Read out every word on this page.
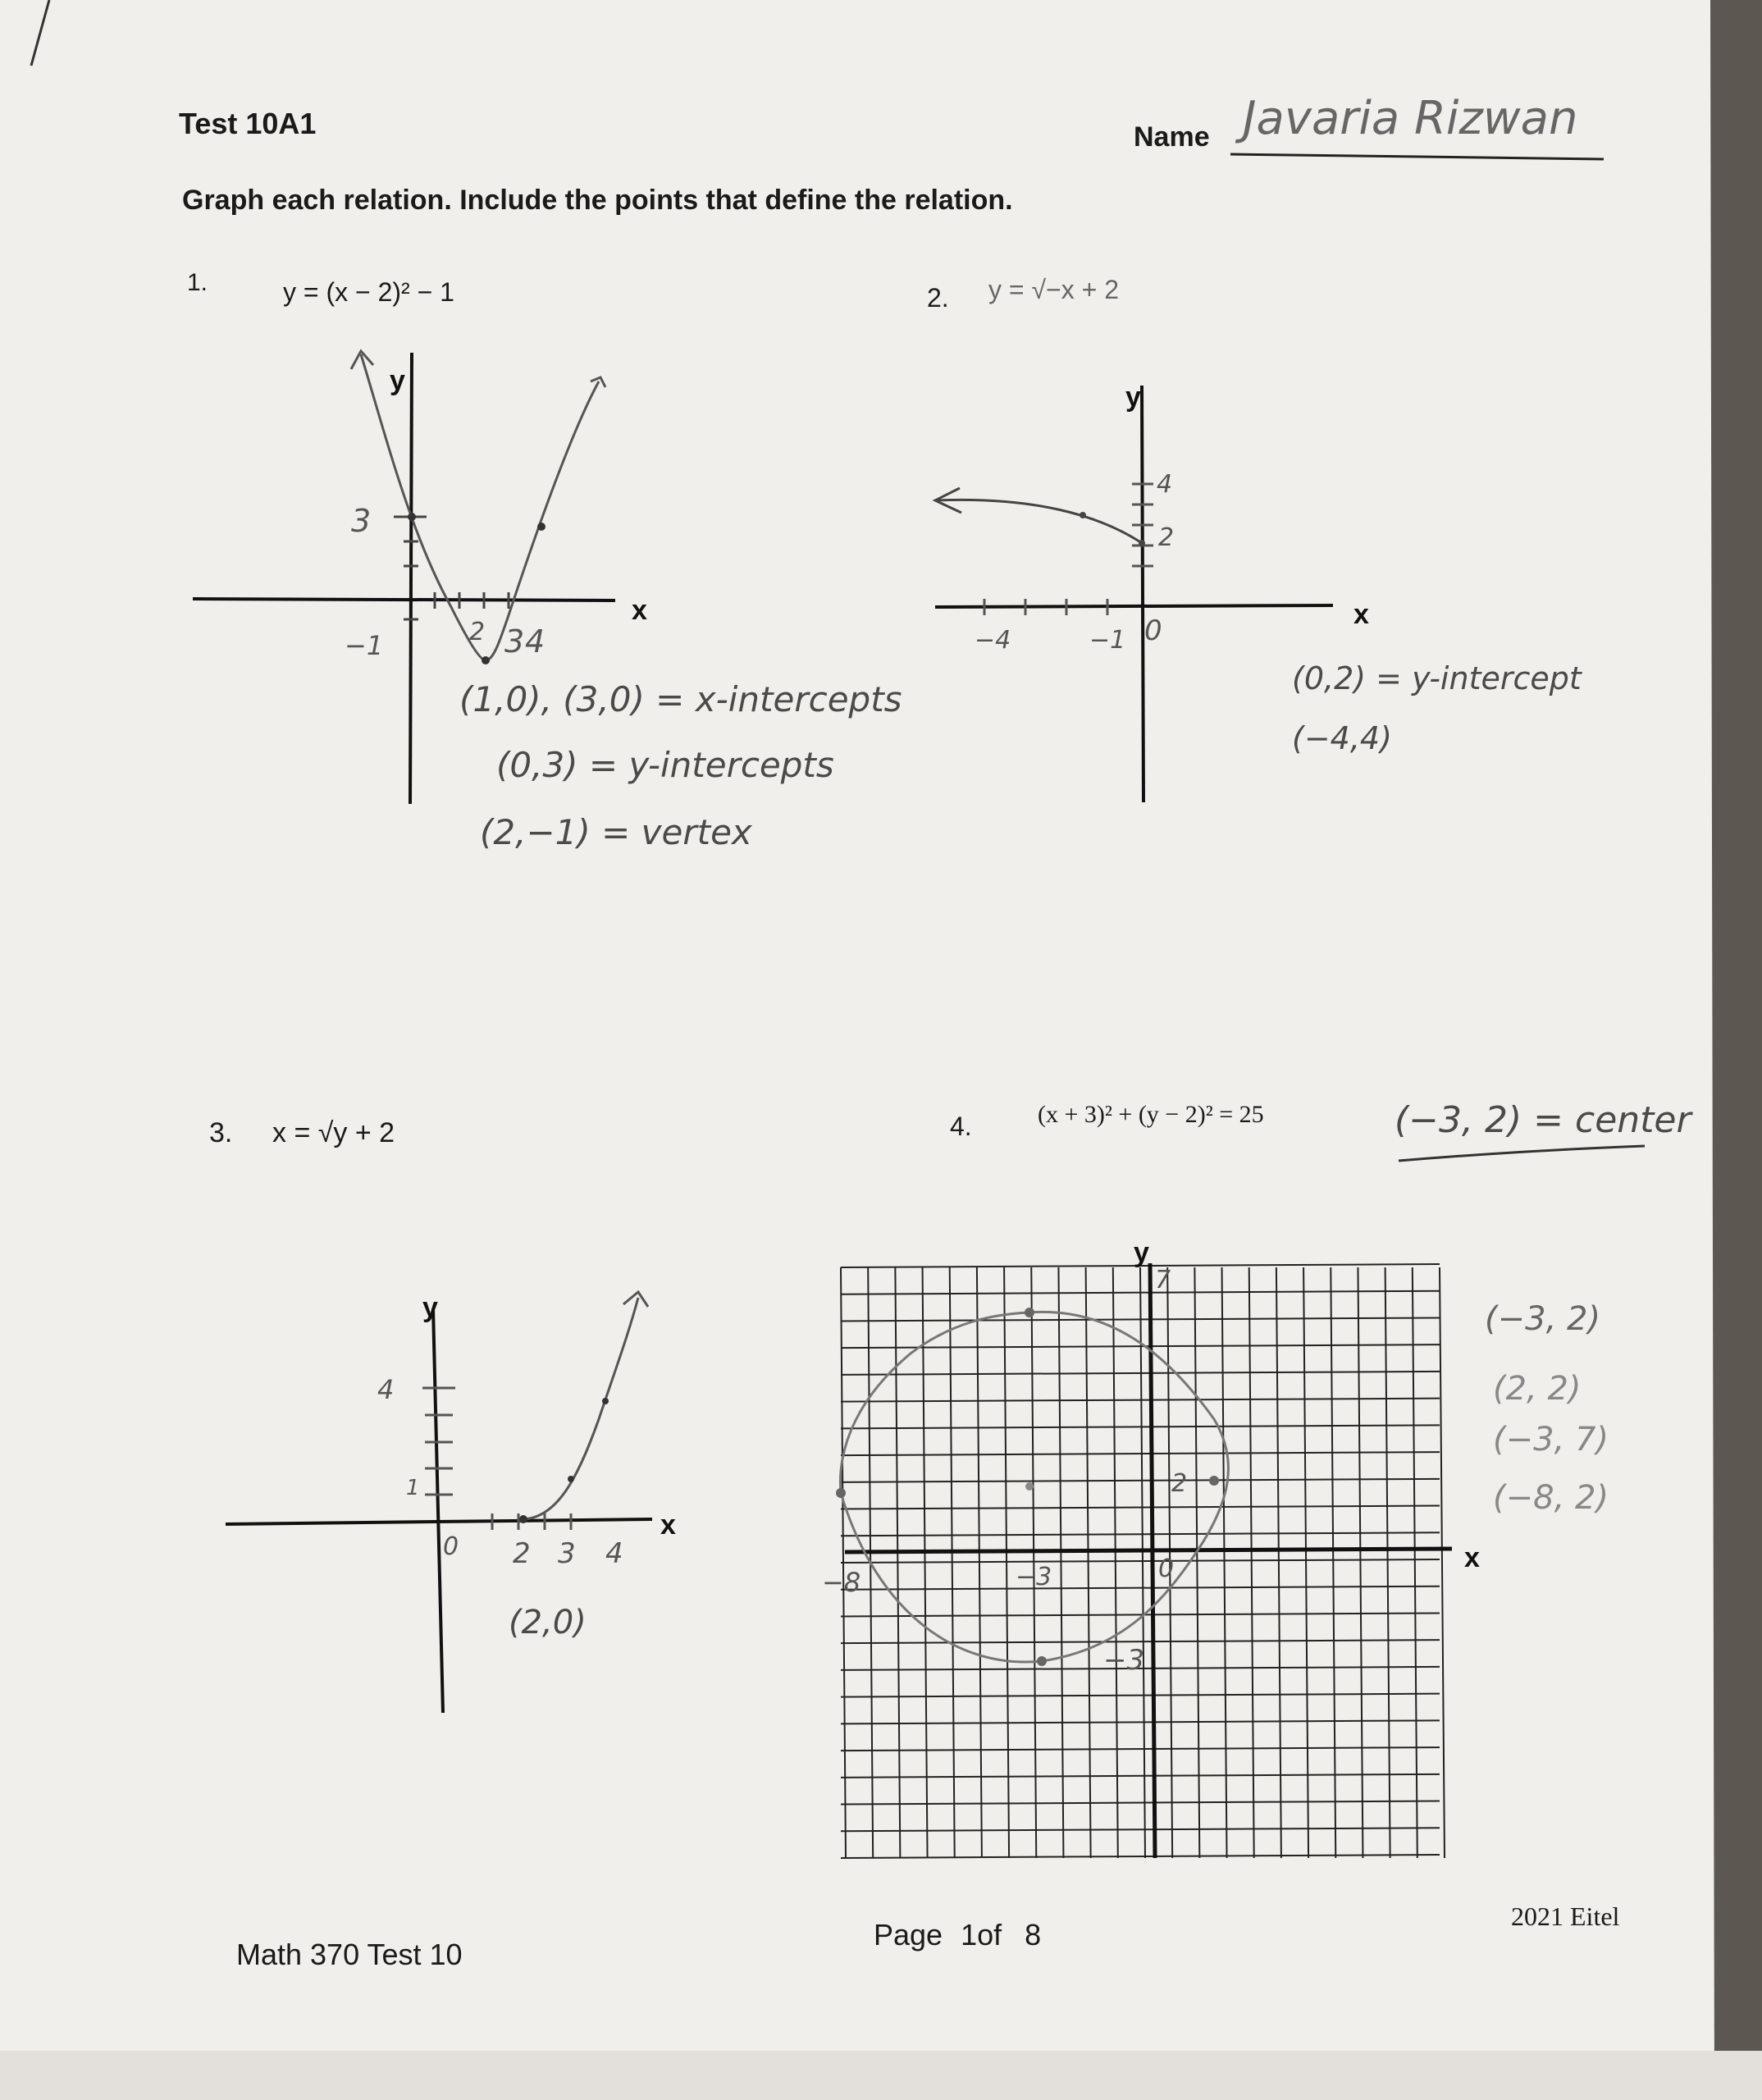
Test 10A1	Name Javaria Rizwan
Graph each relation. Include the points that define the relation.
1.	y = (x − 2)² − 1
x
y
3
−1	2 3 4
(1,0), (3,0) = x-intercepts
(0,3) = y-intercepts
(2,−1) = vertex
2. y = √−x + 2
x
y
4
2
−4	−1 0
(0,2) = y-intercept
(−4,4)
3. x = √y + 2
x
y
4
1
0 2 3 4
(2,0)
4.	(x + 3)² + (y − 2)² = 25	(−3, 2) = center
x
y
7
2
−8	−3	0
−3
(−3, 2)
(2, 2)
(−3, 7)
(−8, 2)
Math 370 Test 10
Page 1of 8
2021 Eitel
